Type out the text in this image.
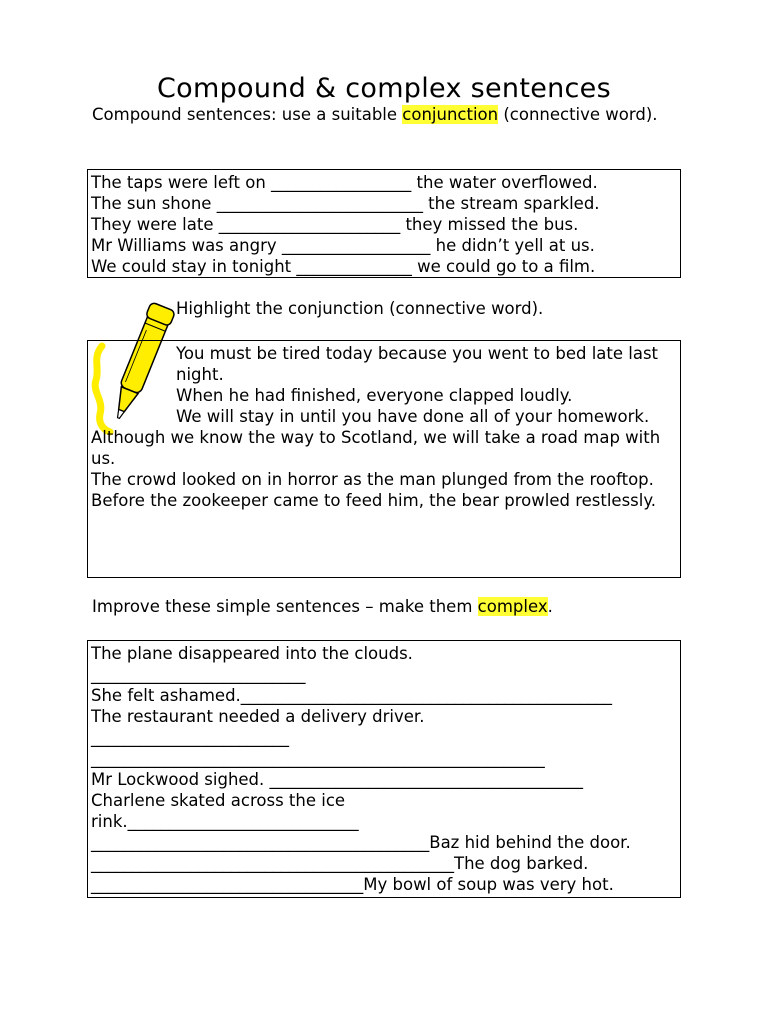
Compound & complex sentences
Compound sentences: use a suitable conjunction (connective word).
The taps were left on _________________ the water overflowed.
The sun shone _________________________ the stream sparkled.
They were late ______________________ they missed the bus.
Mr Williams was angry __________________ he didn’t yell at us.
We could stay in tonight ______________ we could go to a film.
Highlight the conjunction (connective word).
You must be tired today because you went to bed late last night.
When he had finished, everyone clapped loudly.
We will stay in until you have done all of your homework.
Although we know the way to Scotland, we will take a road map with us.
The crowd looked on in horror as the man plunged from the rooftop.
Before the zookeeper came to feed him, the bear prowled restlessly.
Improve these simple sentences – make them complex.
The plane disappeared into the clouds.
__________________________
She felt ashamed._____________________________________________
The restaurant needed a delivery driver.
________________________
_______________________________________________________
Mr Lockwood sighed. ______________________________________
Charlene skated across the ice
rink.____________________________
_________________________________________Baz hid behind the door.
____________________________________________The dog barked.
_________________________________My bowl of soup was very hot.
